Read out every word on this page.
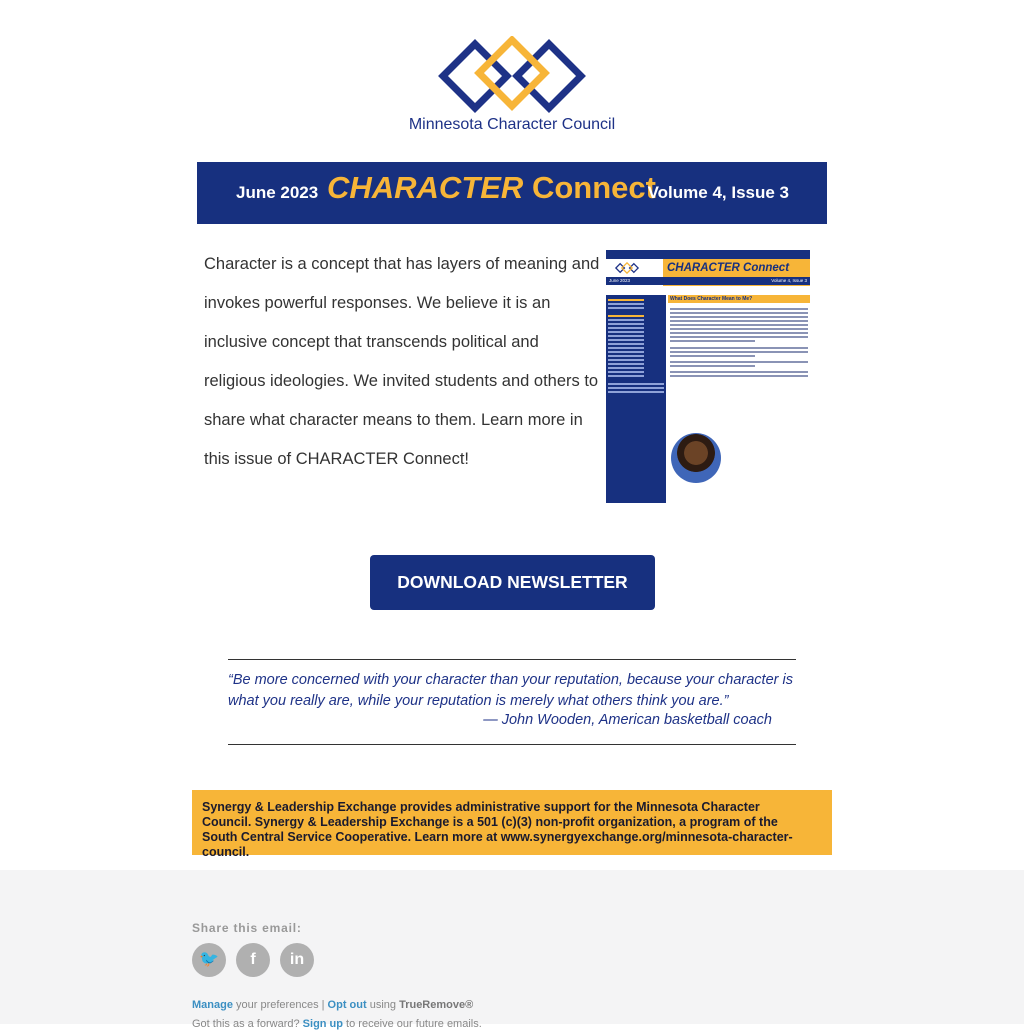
Minnesota Character Council
June 2023 CHARACTER Connect
Volume 4, Issue 3
Character is a concept that has layers of meaning and invokes powerful responses. We believe it is an inclusive concept that transcends political and religious ideologies. We invited students and others to share what character means to them. Learn more in this issue of CHARACTER Connect!
CHARACTER Connect
June 2023	Volume 4, Issue 3
What Does Character Mean to Me?
DOWNLOAD NEWSLETTER
“Be more concerned with your character than your reputation, because your character is what you really are, while your reputation is merely what others think you are.”
— John Wooden, American basketball coach
Synergy & Leadership Exchange provides administrative support for the Minnesota Character Council. Synergy & Leadership Exchange is a 501 (c)(3) non-profit organization, a program of the South Central Service Cooperative. Learn more at www.synergyexchange.org/minnesota-character-council.
Share this email:
🐦	f	in
Manage your preferences | Opt out using TrueRemove®
Got this as a forward? Sign up to receive our future emails.
